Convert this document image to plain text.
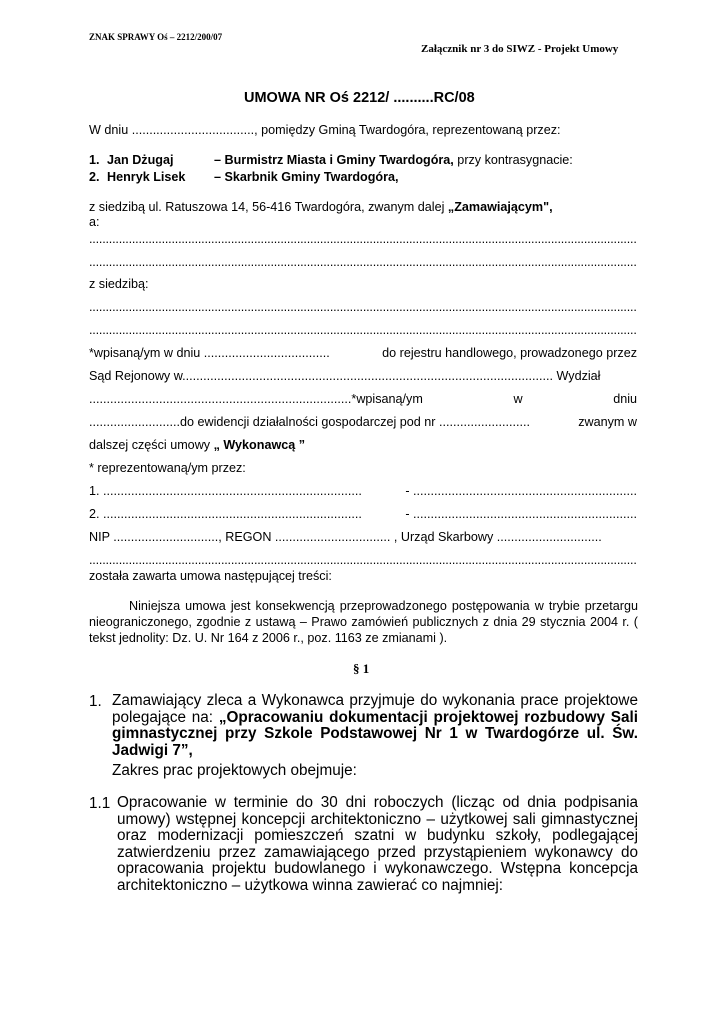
ZNAK SPRAWY Oś – 2212/200/07
Załącznik nr 3 do SIWZ - Projekt Umowy
UMOWA NR Oś 2212/ ..........RC/08
W dniu ..................................., pomiędzy Gminą Twardogóra, reprezentowaną przez:
1. Jan Dżugaj	– Burmistrz Miasta i Gminy Twardogóra, przy kontrasygnacie:
2. Henryk Lisek – Skarbnik Gminy Twardogóra,
z siedzibą ul. Ratuszowa 14, 56-416 Twardogóra, zwanym dalej „Zamawiającym",
a:
.....
.....
z siedzibą:
.....
.....
*wpisaną/ym w dniu ....................................	do rejestru handlowego, prowadzonego przez
Sąd Rejonowy w.......................................................................................................... Wydział
...........................................................................*wpisaną/ym	w	dniu
..........................do ewidencji działalności gospodarczej pod nr ..........................	zwanym w
dalszej części umowy „ Wykonawcą ”
* reprezentowaną/ym przez:
1. ..........................................................................	- ................................................................
2. ..........................................................................	- ................................................................
NIP .............................., REGON ................................. , Urząd Skarbowy ..............................
.....
została zawarta umowa następującej treści:
Niniejsza umowa jest konsekwencją przeprowadzonego postępowania w trybie przetargu nieograniczonego, zgodnie z ustawą – Prawo zamówień publicznych z dnia 29 stycznia 2004 r. ( tekst jednolity: Dz. U. Nr 164 z 2006 r., poz. 1163 ze zmianami ).
§ 1
1. Zamawiający zleca a Wykonawca przyjmuje do wykonania prace projektowe polegające na: „Opracowaniu dokumentacji projektowej rozbudowy Sali gimnastycznej przy Szkole Podstawowej Nr 1 w Twardogórze ul. Św. Jadwigi 7”,
Zakres prac projektowych obejmuje:
1.1 Opracowanie w terminie do 30 dni roboczych (licząc od dnia podpisania umowy) wstępnej koncepcji architektoniczno – użytkowej sali gimnastycznej oraz modernizacji pomieszczeń szatni w budynku szkoły, podlegającej zatwierdzeniu przez zamawiającego przed przystąpieniem wykonawcy do opracowania projektu budowlanego i wykonawczego. Wstępna koncepcja architektoniczno – użytkowa winna zawierać co najmniej:
